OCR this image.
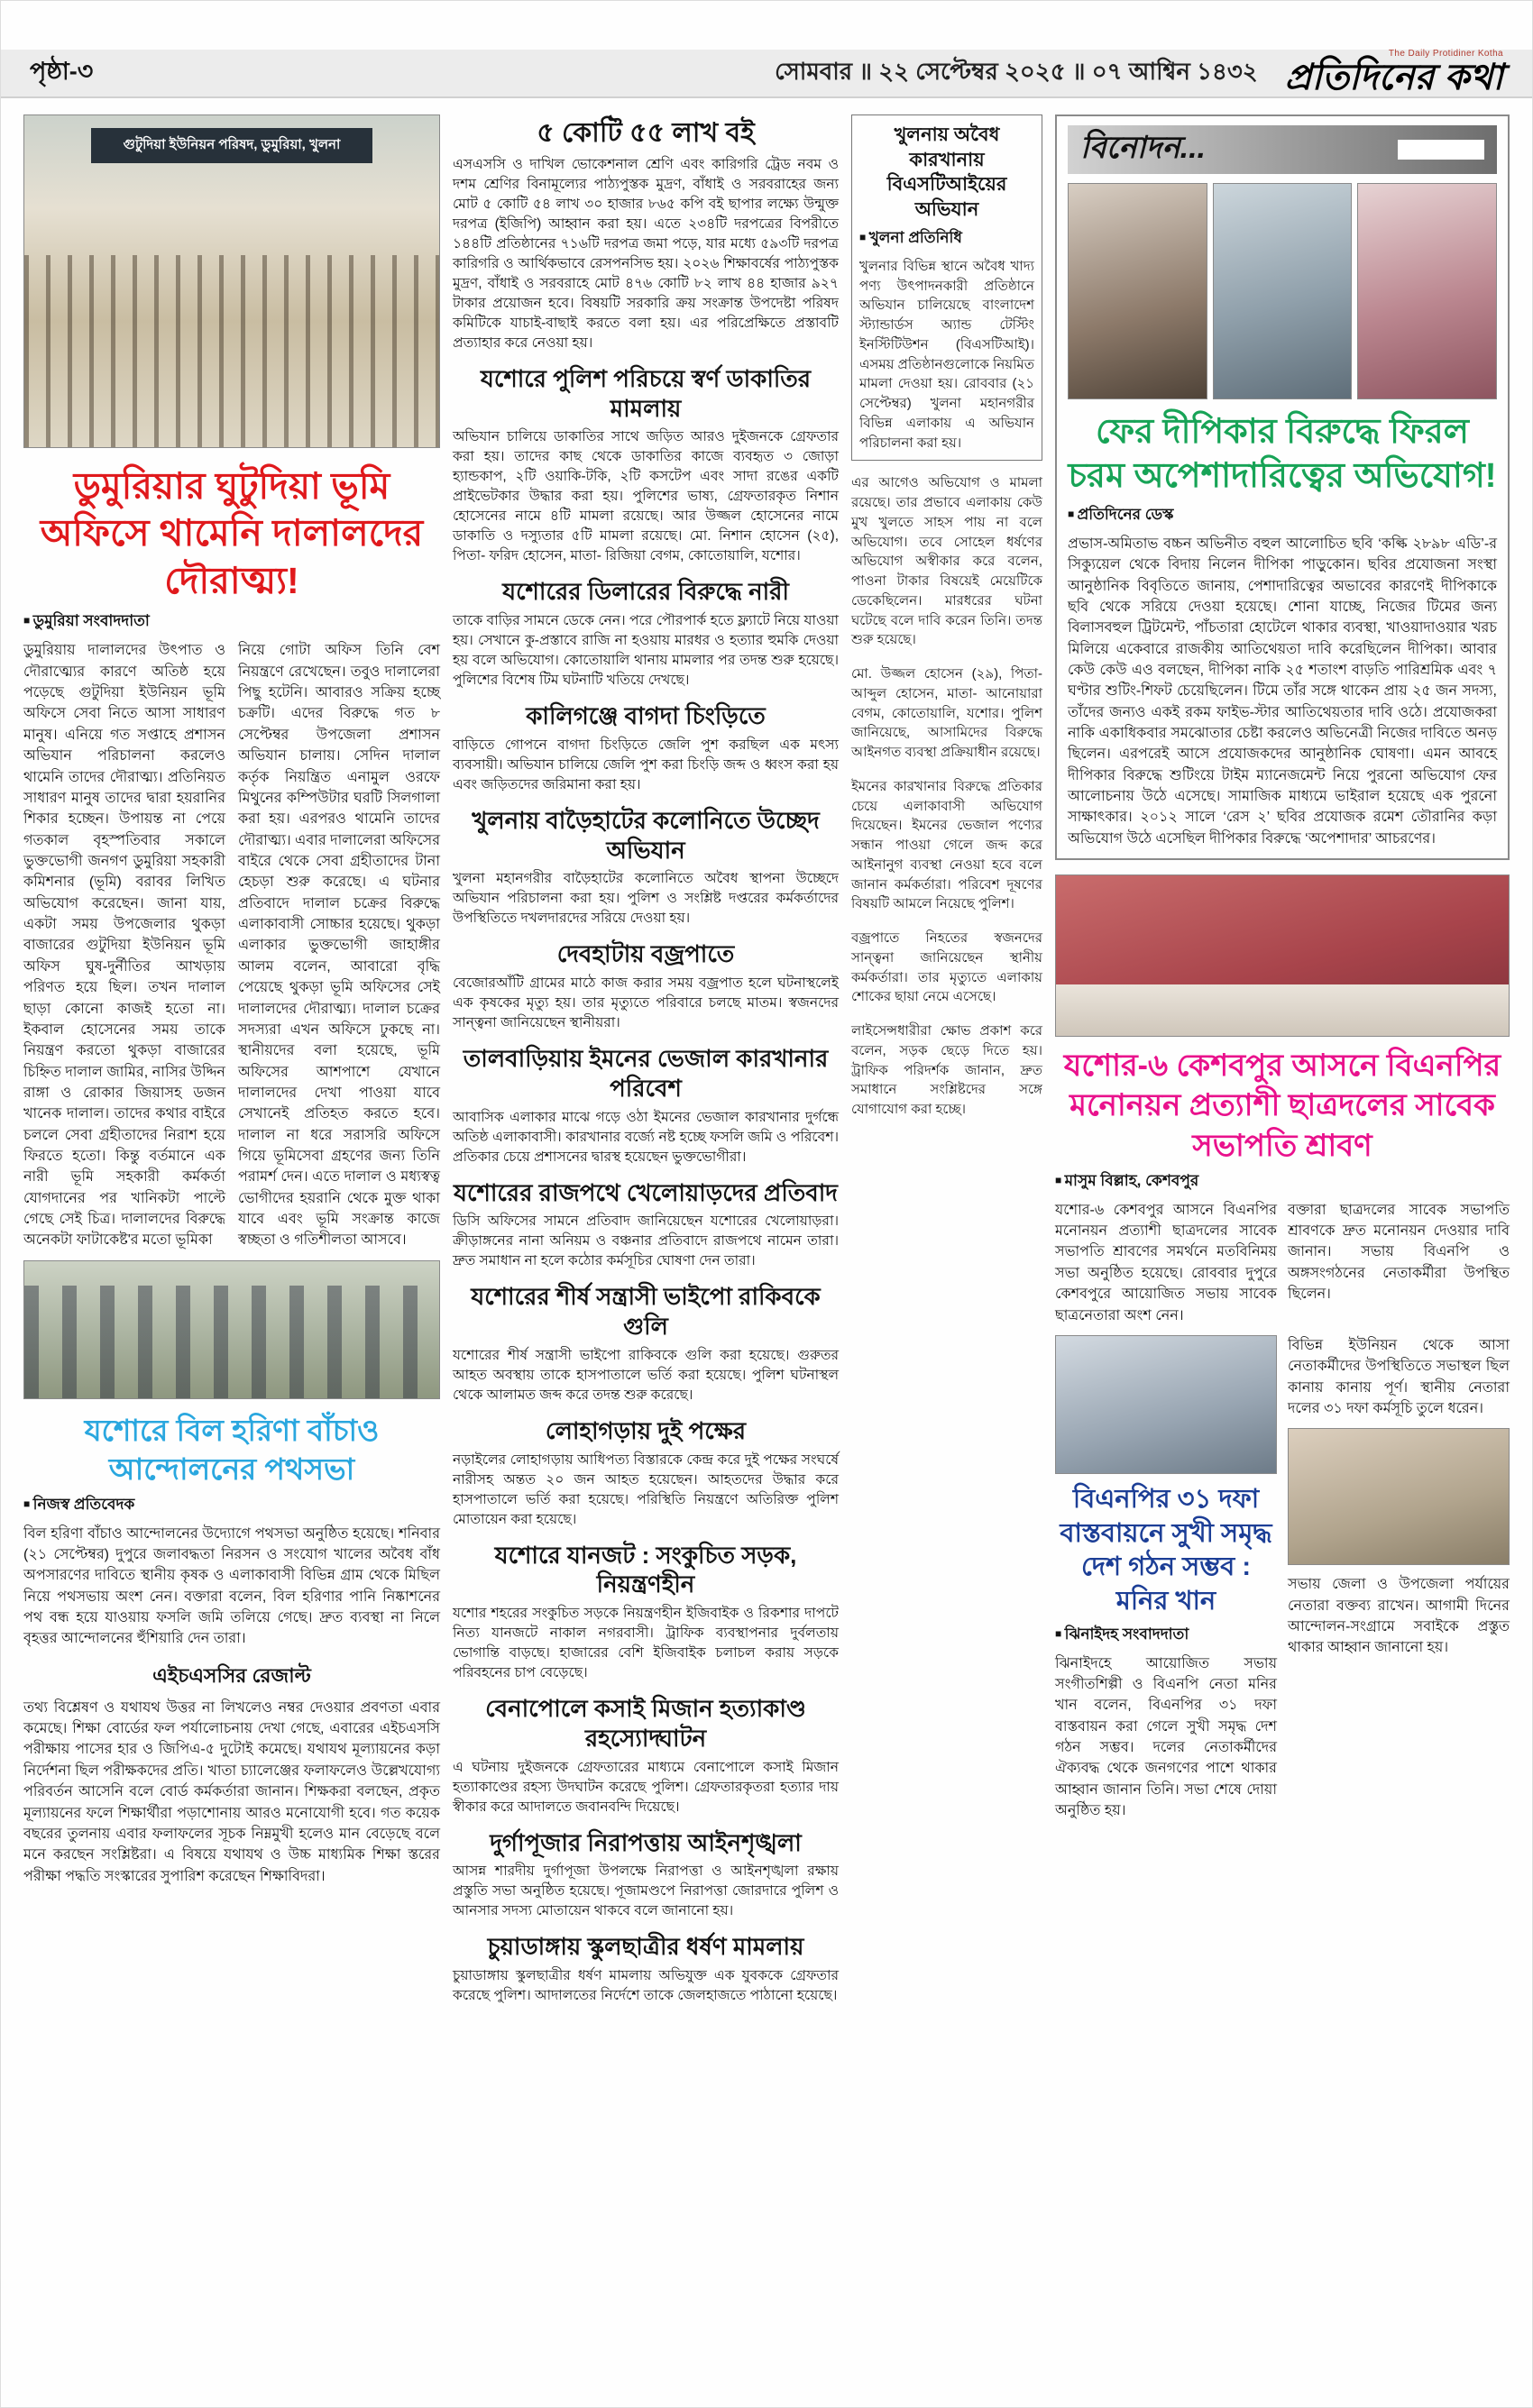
পৃষ্ঠা-৩	সোমবার ॥ ২২ সেপ্টেম্বর ২০২৫ ॥ ০৭ আশ্বিন ১৪৩২
The Daily Protidiner Kotha
প্রতিদিনের কথা
গুটুদিয়া ইউনিয়ন পরিষদ, ডুমুরিয়া, খুলনা
ডুমুরিয়ার ঘুটুদিয়া ভূমি অফিসে থামেনি দালালদের দৌরাত্ম্য!
■ ডুমুরিয়া সংবাদদাতা

ডুমুরিয়ায় দালালদের উৎপাত ও দৌরাত্ম্যের কারণে অতিষ্ঠ হয়ে পড়েছে গুটুদিয়া ইউনিয়ন ভূমি অফিসে সেবা নিতে আসা সাধারণ মানুষ। এনিয়ে গত সপ্তাহে প্রশাসন অভিযান পরিচালনা করলেও থামেনি তাদের দৌরাত্ম্য। প্রতিনিয়ত সাধারণ মানুষ তাদের দ্বারা হয়রানির শিকার হচ্ছেন। উপায়ন্ত না পেয়ে গতকাল বৃহস্পতিবার সকালে ভুক্তভোগী জনগণ ডুমুরিয়া সহকারী কমিশনার (ভূমি) বরাবর লিখিত অভিযোগ করেছেন। জানা যায়, একটা সময় উপজেলার থুকড়া বাজারের গুটুদিয়া ইউনিয়ন ভূমি অফিস ঘুষ-দুর্নীতির আখড়ায় পরিণত হয়ে ছিল। তখন দালাল ছাড়া কোনো কাজই হতো না। ইকবাল হোসেনের সময় তাকে নিয়ন্ত্রণ করতো থুকড়া বাজারের চিহ্নিত দালাল জামির, নাসির উদ্দিন রাঙ্গা ও রোকার জিয়াসহ ডজন খানেক দালাল। তাদের কথার বাইরে চললে সেবা গ্রহীতাদের নিরাশ হয়ে ফিরতে হতো। কিন্তু বর্তমানে এক নারী ভূমি সহকারী কর্মকর্তা যোগদানের পর খানিকটা পাল্টে গেছে সেই চিত্র। দালালদের বিরুদ্ধে অনেকটা ফাটাকেষ্ট'র মতো ভূমিকা

নিয়ে গোটা অফিস তিনি বেশ নিয়ন্ত্রণে রেখেছেন। তবুও দালালেরা পিছু হটেনি। আবারও সক্রিয় হচ্ছে চক্রটি। এদের বিরুদ্ধে গত ৮ সেপ্টেম্বর উপজেলা প্রশাসন অভিযান চালায়। সেদিন দালাল কর্তৃক নিয়ন্ত্রিত এনামুল ওরফে মিথুনের কম্পিউটার ঘরটি সিলগালা করা হয়। এরপরও থামেনি তাদের দৌরাত্ম্য। এবার দালালেরা অফিসের বাইরে থেকে সেবা গ্রহীতাদের টানা হেচড়া শুরু করেছে। এ ঘটনার প্রতিবাদে দালাল চক্রের বিরুদ্ধে এলাকাবাসী সোচ্চার হয়েছে। থুকড়া এলাকার ভুক্তভোগী জাহাঙ্গীর আলম বলেন, আবারো বৃদ্ধি পেয়েছে থুকড়া ভূমি অফিসের সেই দালালদের দৌরাত্ম্য। দালাল চক্রের সদস্যরা এখন অফিসে ঢুকছে না। স্থানীয়দের বলা হয়েছে, ভূমি অফিসের আশপাশে যেখানে দালালদের দেখা পাওয়া যাবে সেখানেই প্রতিহত করতে হবে। দালাল না ধরে সরাসরি অফিসে গিয়ে ভূমিসেবা গ্রহণের জন্য তিনি পরামর্শ দেন। এতে দালাল ও মধ্যস্বত্ব ভোগীদের হয়রানি থেকে মুক্ত থাকা যাবে এবং ভূমি সংক্রান্ত কাজে স্বচ্ছতা ও গতিশীলতা আসবে।

যশোরে বিল হরিণা বাঁচাও আন্দোলনের পথসভা
■ নিজস্ব প্রতিবেদক

বিল হরিণা বাঁচাও আন্দোলনের উদ্যোগে পথসভা অনুষ্ঠিত হয়েছে। শনিবার (২১ সেপ্টেম্বর) দুপুরে জলাবদ্ধতা নিরসন ও সংযোগ খালের অবৈধ বাঁধ অপসারণের দাবিতে স্থানীয় কৃষক ও এলাকাবাসী বিভিন্ন গ্রাম থেকে মিছিল নিয়ে পথসভায় অংশ নেন। বক্তারা বলেন, বিল হরিণার পানি নিষ্কাশনের পথ বন্ধ হয়ে যাওয়ায় ফসলি জমি তলিয়ে গেছে। দ্রুত ব্যবস্থা না নিলে বৃহত্তর আন্দোলনের হুঁশিয়ারি দেন তারা।

এইচএসসির রেজাল্ট

তথ্য বিশ্লেষণ ও যথাযথ উত্তর না লিখলেও নম্বর দেওয়ার প্রবণতা এবার কমেছে। শিক্ষা বোর্ডের ফল পর্যালোচনায় দেখা গেছে, এবারের এইচএসসি পরীক্ষায় পাসের হার ও জিপিএ-৫ দুটোই কমেছে। যথাযথ মূল্যায়নের কড়া নির্দেশনা ছিল পরীক্ষকদের প্রতি। খাতা চ্যালেঞ্জের ফলাফলেও উল্লেখযোগ্য পরিবর্তন আসেনি বলে বোর্ড কর্মকর্তারা জানান। শিক্ষকরা বলছেন, প্রকৃত মূল্যায়নের ফলে শিক্ষার্থীরা পড়াশোনায় আরও মনোযোগী হবে। গত কয়েক বছরের তুলনায় এবার ফলাফলের সূচক নিম্নমুখী হলেও মান বেড়েছে বলে মনে করছেন সংশ্লিষ্টরা। এ বিষয়ে যথাযথ ও উচ্চ মাধ্যমিক শিক্ষা স্তরের পরীক্ষা পদ্ধতি সংস্কারের সুপারিশ করেছেন শিক্ষাবিদরা।

৫ কোটি ৫৫ লাখ বই

এসএসসি ও দাখিল ভোকেশনাল শ্রেণি এবং কারিগরি ট্রেড নবম ও দশম শ্রেণির বিনামূল্যের পাঠ্যপুস্তক মুদ্রণ, বাঁধাই ও সরবরাহের জন্য মোট ৫ কোটি ৫৪ লাখ ৩০ হাজার ৮৬৫ কপি বই ছাপার লক্ষ্যে উন্মুক্ত দরপত্র (ইজিপি) আহ্বান করা হয়। এতে ২৩৪টি দরপত্রের বিপরীতে ১৪৪টি প্রতিষ্ঠানের ৭১৬টি দরপত্র জমা পড়ে, যার মধ্যে ৫৯৩টি দরপত্র কারিগরি ও আর্থিকভাবে রেসপনসিভ হয়। ২০২৬ শিক্ষাবর্ষের পাঠ্যপুস্তক মুদ্রণ, বাঁধাই ও সরবরাহে মোট ৪৭৬ কোটি ৮২ লাখ ৪৪ হাজার ৯২৭ টাকার প্রয়োজন হবে। বিষয়টি সরকারি ক্রয় সংক্রান্ত উপদেষ্টা পরিষদ কমিটিকে যাচাই-বাছাই করতে বলা হয়। এর পরিপ্রেক্ষিতে প্রস্তাবটি প্রত্যাহার করে নেওয়া হয়।

যশোরে পুলিশ পরিচয়ে স্বর্ণ ডাকাতির মামলায়

অভিযান চালিয়ে ডাকাতির সাথে জড়িত আরও দুইজনকে গ্রেফতার করা হয়। তাদের কাছ থেকে ডাকাতির কাজে ব্যবহৃত ৩ জোড়া হ্যান্ডকাপ, ২টি ওয়াকি-টকি, ২টি কসটেপ এবং সাদা রঙের একটি প্রাইভেটকার উদ্ধার করা হয়। পুলিশের ভাষ্য, গ্রেফতারকৃত নিশান হোসেনের নামে ৪টি মামলা রয়েছে। আর উজ্জল হোসেনের নামে ডাকাতি ও দস্যুতার ৫টি মামলা রয়েছে। মো. নিশান হোসেন (২৫), পিতা- ফরিদ হোসেন, মাতা- রিজিয়া বেগম, কোতোয়ালি, যশোর।

যশোরের ডিলারের বিরুদ্ধে নারী

তাকে বাড়ির সামনে ডেকে নেন। পরে পৌরপার্ক হতে ফ্ল্যাটে নিয়ে যাওয়া হয়। সেখানে কু-প্রস্তাবে রাজি না হওয়ায় মারধর ও হত্যার হুমকি দেওয়া হয় বলে অভিযোগ। কোতোয়ালি থানায় মামলার পর তদন্ত শুরু হয়েছে। পুলিশের বিশেষ টিম ঘটনাটি খতিয়ে দেখছে।

কালিগঞ্জে বাগদা চিংড়িতে

বাড়িতে গোপনে বাগদা চিংড়িতে জেলি পুশ করছিল এক মৎস্য ব্যবসায়ী। অভিযান চালিয়ে জেলি পুশ করা চিংড়ি জব্দ ও ধ্বংস করা হয় এবং জড়িতদের জরিমানা করা হয়।

খুলনায় বাড়ৈহাটের কলোনিতে উচ্ছেদ অভিযান

খুলনা মহানগরীর বাড়ৈহাটের কলোনিতে অবৈধ স্থাপনা উচ্ছেদে অভিযান পরিচালনা করা হয়। পুলিশ ও সংশ্লিষ্ট দপ্তরের কর্মকর্তাদের উপস্থিতিতে দখলদারদের সরিয়ে দেওয়া হয়।

দেবহাটায় বজ্রপাতে

বেজোরআঁটি গ্রামের মাঠে কাজ করার সময় বজ্রপাত হলে ঘটনাস্থলেই এক কৃষকের মৃত্যু হয়। তার মৃত্যুতে পরিবারে চলছে মাতম। স্বজনদের সান্ত্বনা জানিয়েছেন স্থানীয়রা।

তালবাড়িয়ায় ইমনের ভেজাল কারখানার পরিবেশ

আবাসিক এলাকার মাঝে গড়ে ওঠা ইমনের ভেজাল কারখানার দুর্গন্ধে অতিষ্ঠ এলাকাবাসী। কারখানার বর্জ্যে নষ্ট হচ্ছে ফসলি জমি ও পরিবেশ। প্রতিকার চেয়ে প্রশাসনের দ্বারস্থ হয়েছেন ভুক্তভোগীরা।

যশোরের রাজপথে খেলোয়াড়দের প্রতিবাদ

ডিসি অফিসের সামনে প্রতিবাদ জানিয়েছেন যশোরের খেলোয়াড়রা। ক্রীড়াঙ্গনের নানা অনিয়ম ও বঞ্চনার প্রতিবাদে রাজপথে নামেন তারা। দ্রুত সমাধান না হলে কঠোর কর্মসূচির ঘোষণা দেন তারা।

যশোরের শীর্ষ সন্ত্রাসী ভাইপো রাকিবকে গুলি

যশোরের শীর্ষ সন্ত্রাসী ভাইপো রাকিবকে গুলি করা হয়েছে। গুরুতর আহত অবস্থায় তাকে হাসপাতালে ভর্তি করা হয়েছে। পুলিশ ঘটনাস্থল থেকে আলামত জব্দ করে তদন্ত শুরু করেছে।

লোহাগড়ায় দুই পক্ষের

নড়াইলের লোহাগড়ায় আধিপত্য বিস্তারকে কেন্দ্র করে দুই পক্ষের সংঘর্ষে নারীসহ অন্তত ২০ জন আহত হয়েছেন। আহতদের উদ্ধার করে হাসপাতালে ভর্তি করা হয়েছে। পরিস্থিতি নিয়ন্ত্রণে অতিরিক্ত পুলিশ মোতায়েন করা হয়েছে।

যশোরে যানজট : সংকুচিত সড়ক, নিয়ন্ত্রণহীন

যশোর শহরের সংকুচিত সড়কে নিয়ন্ত্রণহীন ইজিবাইক ও রিকশার দাপটে নিত্য যানজটে নাকাল নগরবাসী। ট্রাফিক ব্যবস্থাপনার দুর্বলতায় ভোগান্তি বাড়ছে। হাজারের বেশি ইজিবাইক চলাচল করায় সড়কে পরিবহনের চাপ বেড়েছে।

বেনাপোলে কসাই মিজান হত্যাকাণ্ড রহস্যোদ্ঘাটন

এ ঘটনায় দুইজনকে গ্রেফতারের মাধ্যমে বেনাপোলে কসাই মিজান হত্যাকাণ্ডের রহস্য উদঘাটন করেছে পুলিশ। গ্রেফতারকৃতরা হত্যার দায় স্বীকার করে আদালতে জবানবন্দি দিয়েছে।

দুর্গাপূজার নিরাপত্তায় আইনশৃঙ্খলা

আসন্ন শারদীয় দুর্গাপূজা উপলক্ষে নিরাপত্তা ও আইনশৃঙ্খলা রক্ষায় প্রস্তুতি সভা অনুষ্ঠিত হয়েছে। পূজামণ্ডপে নিরাপত্তা জোরদারে পুলিশ ও আনসার সদস্য মোতায়েন থাকবে বলে জানানো হয়।

চুয়াডাঙ্গায় স্কুলছাত্রীর ধর্ষণ মামলায়

চুয়াডাঙ্গায় স্কুলছাত্রীর ধর্ষণ মামলায় অভিযুক্ত এক যুবককে গ্রেফতার করেছে পুলিশ। আদালতের নির্দেশে তাকে জেলহাজতে পাঠানো হয়েছে।

খুলনায় অবৈধ কারখানায় বিএসটিআইয়ের অভিযান
■ খুলনা প্রতিনিধি

খুলনার বিভিন্ন স্থানে অবৈধ খাদ্য পণ্য উৎপাদনকারী প্রতিষ্ঠানে অভিযান চালিয়েছে বাংলাদেশ স্ট্যান্ডার্ডস অ্যান্ড টেস্টিং ইনস্টিটিউশন (বিএসটিআই)। এসময় প্রতিষ্ঠানগুলোকে নিয়মিত মামলা দেওয়া হয়। রোববার (২১ সেপ্টেম্বর) খুলনা মহানগরীর বিভিন্ন এলাকায় এ অভিযান পরিচালনা করা হয়।

এর আগেও অভিযোগ ও মামলা রয়েছে। তার প্রভাবে এলাকায় কেউ মুখ খুলতে সাহস পায় না বলে অভিযোগ। তবে সোহেল ধর্ষণের অভিযোগ অস্বীকার করে বলেন, পাওনা টাকার বিষয়েই মেয়েটিকে ডেকেছিলেন। মারধরের ঘটনা ঘটেছে বলে দাবি করেন তিনি। তদন্ত শুরু হয়েছে।

মো. উজ্জল হোসেন (২৯), পিতা- আব্দুল হোসেন, মাতা- আনোয়ারা বেগম, কোতোয়ালি, যশোর। পুলিশ জানিয়েছে, আসামিদের বিরুদ্ধে আইনগত ব্যবস্থা প্রক্রিয়াধীন রয়েছে।

ইমনের কারখানার বিরুদ্ধে প্রতিকার চেয়ে এলাকাবাসী অভিযোগ দিয়েছেন। ইমনের ভেজাল পণ্যের সন্ধান পাওয়া গেলে জব্দ করে আইনানুগ ব্যবস্থা নেওয়া হবে বলে জানান কর্মকর্তারা। পরিবেশ দূষণের বিষয়টি আমলে নিয়েছে পুলিশ।

বজ্রপাতে নিহতের স্বজনদের সান্ত্বনা জানিয়েছেন স্থানীয় কর্মকর্তারা। তার মৃত্যুতে এলাকায় শোকের ছায়া নেমে এসেছে।

লাইসেন্সধারীরা ক্ষোভ প্রকাশ করে বলেন, সড়ক ছেড়ে দিতে হয়। ট্রাফিক পরিদর্শক জানান, দ্রুত সমাধানে সংশ্লিষ্টদের সঙ্গে যোগাযোগ করা হচ্ছে।

বিনোদন...
ফের দীপিকার বিরুদ্ধে ফিরল চরম অপেশাদারিত্বের অভিযোগ!
■ প্রতিদিনের ডেস্ক

প্রভাস-অমিতাভ বচ্চন অভিনীত বহুল আলোচিত ছবি ‘কল্কি ২৮৯৮ এডি’-র সিক্যুয়েল থেকে বিদায় নিলেন দীপিকা পাড়ুকোন। ছবির প্রযোজনা সংস্থা আনুষ্ঠানিক বিবৃতিতে জানায়, পেশাদারিত্বের অভাবের কারণেই দীপিকাকে ছবি থেকে সরিয়ে দেওয়া হয়েছে। শোনা যাচ্ছে, নিজের টিমের জন্য বিলাসবহুল ট্রিটমেন্ট, পাঁচতারা হোটেলে থাকার ব্যবস্থা, খাওয়াদাওয়ার খরচ মিলিয়ে একেবারে রাজকীয় আতিথেয়তা দাবি করেছিলেন দীপিকা। আবার কেউ কেউ এও বলছেন, দীপিকা নাকি ২৫ শতাংশ বাড়তি পারিশ্রমিক এবং ৭ ঘণ্টার শুটিং-শিফট চেয়েছিলেন। টিমে তাঁর সঙ্গে থাকেন প্রায় ২৫ জন সদস্য, তাঁদের জন্যও একই রকম ফাইভ-স্টার আতিথেয়তার দাবি ওঠে। প্রযোজকরা নাকি একাধিকবার সমঝোতার চেষ্টা করলেও অভিনেত্রী নিজের দাবিতে অনড় ছিলেন। এরপরেই আসে প্রযোজকদের আনুষ্ঠানিক ঘোষণা। এমন আবহে দীপিকার বিরুদ্ধে শুটিংয়ে টাইম ম্যানেজমেন্ট নিয়ে পুরনো অভিযোগ ফের আলোচনায় উঠে এসেছে। সামাজিক মাধ্যমে ভাইরাল হয়েছে এক পুরনো সাক্ষাৎকার। ২০১২ সালে ‘রেস ২’ ছবির প্রযোজক রমেশ তৌরানির কড়া অভিযোগ উঠে এসেছিল দীপিকার বিরুদ্ধে ‘অপেশাদার’ আচরণের।

যশোর-৬ কেশবপুর আসনে বিএনপির মনোনয়ন প্রত্যাশী ছাত্রদলের সাবেক সভাপতি শ্রাবণ
■ মাসুম বিল্লাহ, কেশবপুর

যশোর-৬ কেশবপুর আসনে বিএনপির মনোনয়ন প্রত্যাশী ছাত্রদলের সাবেক সভাপতি শ্রাবণের সমর্থনে মতবিনিময় সভা অনুষ্ঠিত হয়েছে। রোববার দুপুরে কেশবপুরে আয়োজিত সভায় সাবেক ছাত্রনেতারা অংশ নেন।

বক্তারা ছাত্রদলের সাবেক সভাপতি শ্রাবণকে দ্রুত মনোনয়ন দেওয়ার দাবি জানান। সভায় বিএনপি ও অঙ্গসংগঠনের নেতাকর্মীরা উপস্থিত ছিলেন।

বিএনপির ৩১ দফা বাস্তবায়নে সুখী সমৃদ্ধ দেশ গঠন সম্ভব : মনির খান
■ ঝিনাইদহ সংবাদদাতা

ঝিনাইদহে আয়োজিত সভায় সংগীতশিল্পী ও বিএনপি নেতা মনির খান বলেন, বিএনপির ৩১ দফা বাস্তবায়ন করা গেলে সুখী সমৃদ্ধ দেশ গঠন সম্ভব। দলের নেতাকর্মীদের ঐক্যবদ্ধ থেকে জনগণের পাশে থাকার আহ্বান জানান তিনি। সভা শেষে দোয়া অনুষ্ঠিত হয়।

বিভিন্ন ইউনিয়ন থেকে আসা নেতাকর্মীদের উপস্থিতিতে সভাস্থল ছিল কানায় কানায় পূর্ণ। স্থানীয় নেতারা দলের ৩১ দফা কর্মসূচি তুলে ধরেন।

সভায় জেলা ও উপজেলা পর্যায়ের নেতারা বক্তব্য রাখেন। আগামী দিনের আন্দোলন-সংগ্রামে সবাইকে প্রস্তুত থাকার আহ্বান জানানো হয়।
